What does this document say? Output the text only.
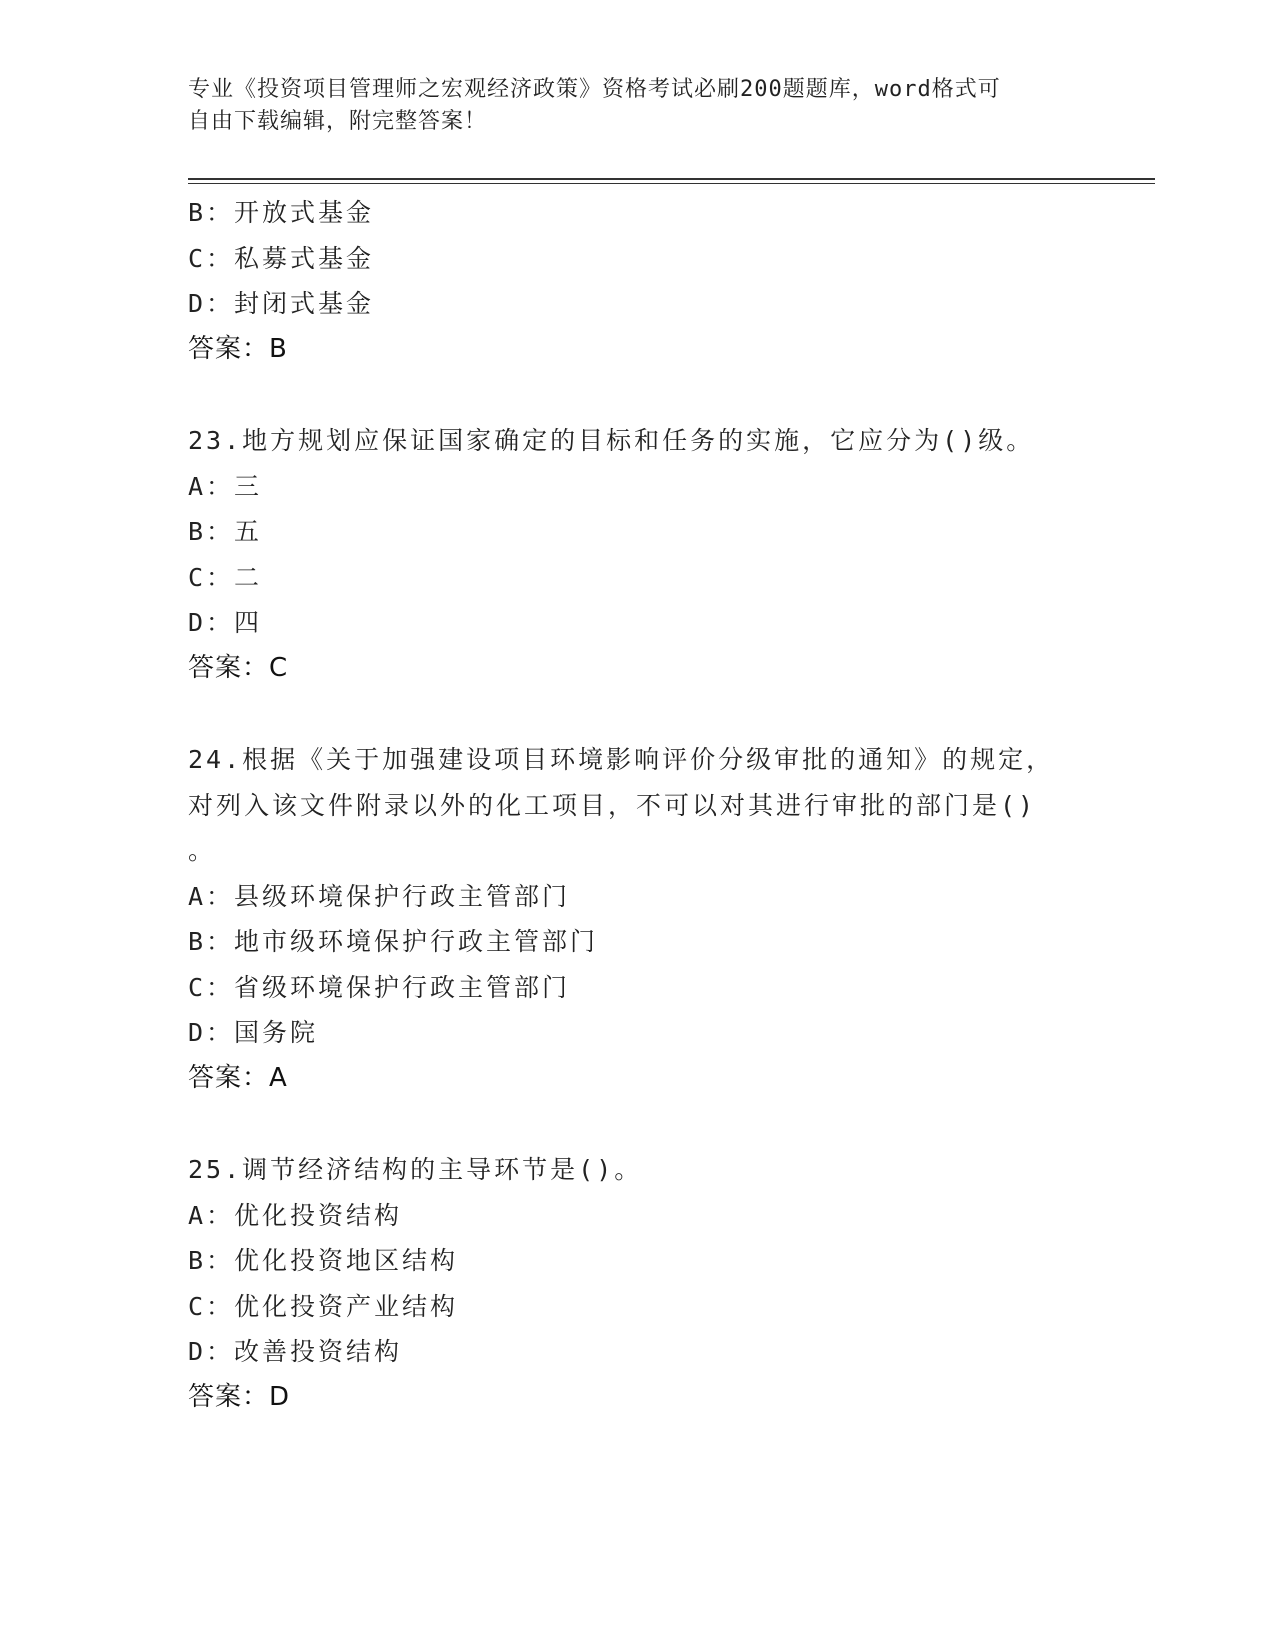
专业《投资项目管理师之宏观经济政策》资格考试必刷200题题库，word格式可
自由下载编辑，附完整答案！
B：开放式基金
C：私募式基金
D：封闭式基金
答案：B
23.地方规划应保证国家确定的目标和任务的实施，它应分为()级。
A：三
B：五
C：二
D：四
答案：C
24.根据《关于加强建设项目环境影响评价分级审批的通知》的规定，
对列入该文件附录以外的化工项目，不可以对其进行审批的部门是()
。
A：县级环境保护行政主管部门
B：地市级环境保护行政主管部门
C：省级环境保护行政主管部门
D：国务院
答案：A
25.调节经济结构的主导环节是()。
A：优化投资结构
B：优化投资地区结构
C：优化投资产业结构
D：改善投资结构
答案：D
